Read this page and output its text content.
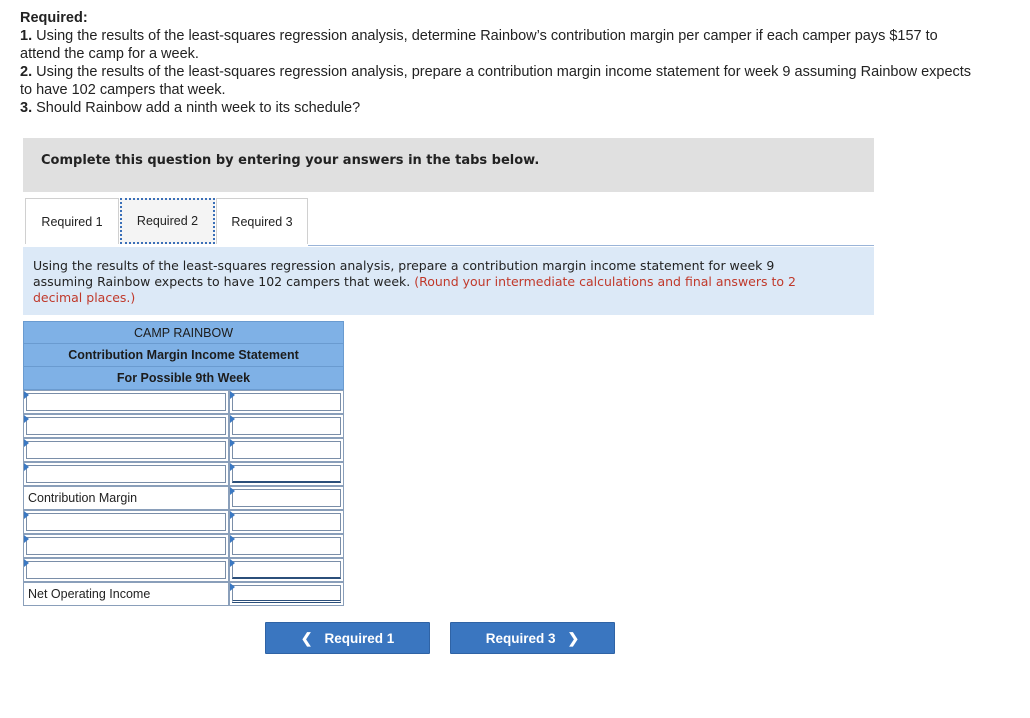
Required:
1. Using the results of the least-squares regression analysis, determine Rainbow’s contribution margin per camper if each camper pays $157 to attend the camp for a week.
2. Using the results of the least-squares regression analysis, prepare a contribution margin income statement for week 9 assuming Rainbow expects to have 102 campers that week.
3. Should Rainbow add a ninth week to its schedule?
Complete this question by entering your answers in the tabs below.
Required 1	Required 2	Required 3
Using the results of the least-squares regression analysis, prepare a contribution margin income statement for week 9 assuming Rainbow expects to have 102 campers that week. (Round your intermediate calculations and final answers to 2 decimal places.)
CAMP RAINBOW
Contribution Margin Income Statement
For Possible 9th Week
Contribution Margin
Net Operating Income
❮ Required 1	Required 3 ❯
